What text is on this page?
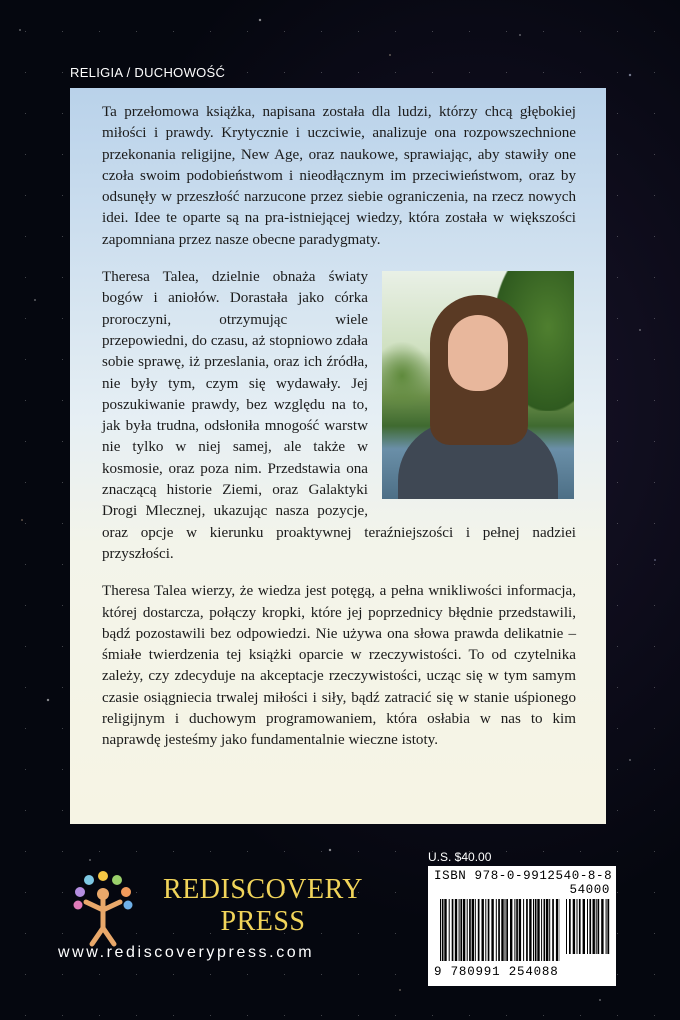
RELIGIA / DUCHOWOŚĆ

Ta przełomowa książka, napisana została dla ludzi, którzy chcą głębokiej miłości i prawdy. Krytycznie i uczciwie, analizuje ona rozpowszechnione przekonania religijne, New Age, oraz naukowe, sprawiając, aby stawiły one czoła swoim podobieństwom i nieodłącznym im przeciwieństwom, oraz by odsunęły w przeszłość narzucone przez siebie ograniczenia, na rzecz nowych idei. Idee te oparte są na pra-istniejącej wiedzy, która została w większości zapomniana przez nasze obecne paradygmaty.

Theresa Talea, dzielnie obnaża światy bogów i aniołów. Dorastała jako córka proroczyni, otrzymując wiele przepowiedni, do czasu, aż stopniowo zdała sobie sprawę, iż przeslania, oraz ich źródła, nie były tym, czym się wydawały. Jej poszukiwanie prawdy, bez względu na to, jak była trudna, odsłoniła mnogość warstw nie tylko w niej samej, ale także w kosmosie, oraz poza nim. Przedstawia ona znaczącą historie Ziemi, oraz Galaktyki Drogi Mlecznej, ukazując nasza pozycje, oraz opcje w kierunku proaktywnej teraźniejszości i pełnej nadziei przyszłości.

Theresa Talea wierzy, że wiedza jest potęgą, a pełna wnikliwości informacja, której dostarcza, połączy kropki, które jej poprzednicy błędnie przedstawili, bądź pozostawili bez odpowiedzi. Nie używa ona słowa prawda delikatnie – śmiałe twierdzenia tej książki oparcie w rzeczywistości. To od czytelnika zależy, czy zdecyduje na akceptacje rzeczywistości, ucząc się w tym samym czasie osiągniecia trwalej miłości i siły, bądź zatracić się w stanie uśpionego religijnym i duchowym programowaniem, która osłabia w nas to kim naprawdę jesteśmy jako fundamentalnie wieczne istoty.

REDISCOVERY
PRESS
www.rediscoverypress.com
U.S. $40.00
ISBN 978-0-9912540-8-8
54000
9 780991 254088
